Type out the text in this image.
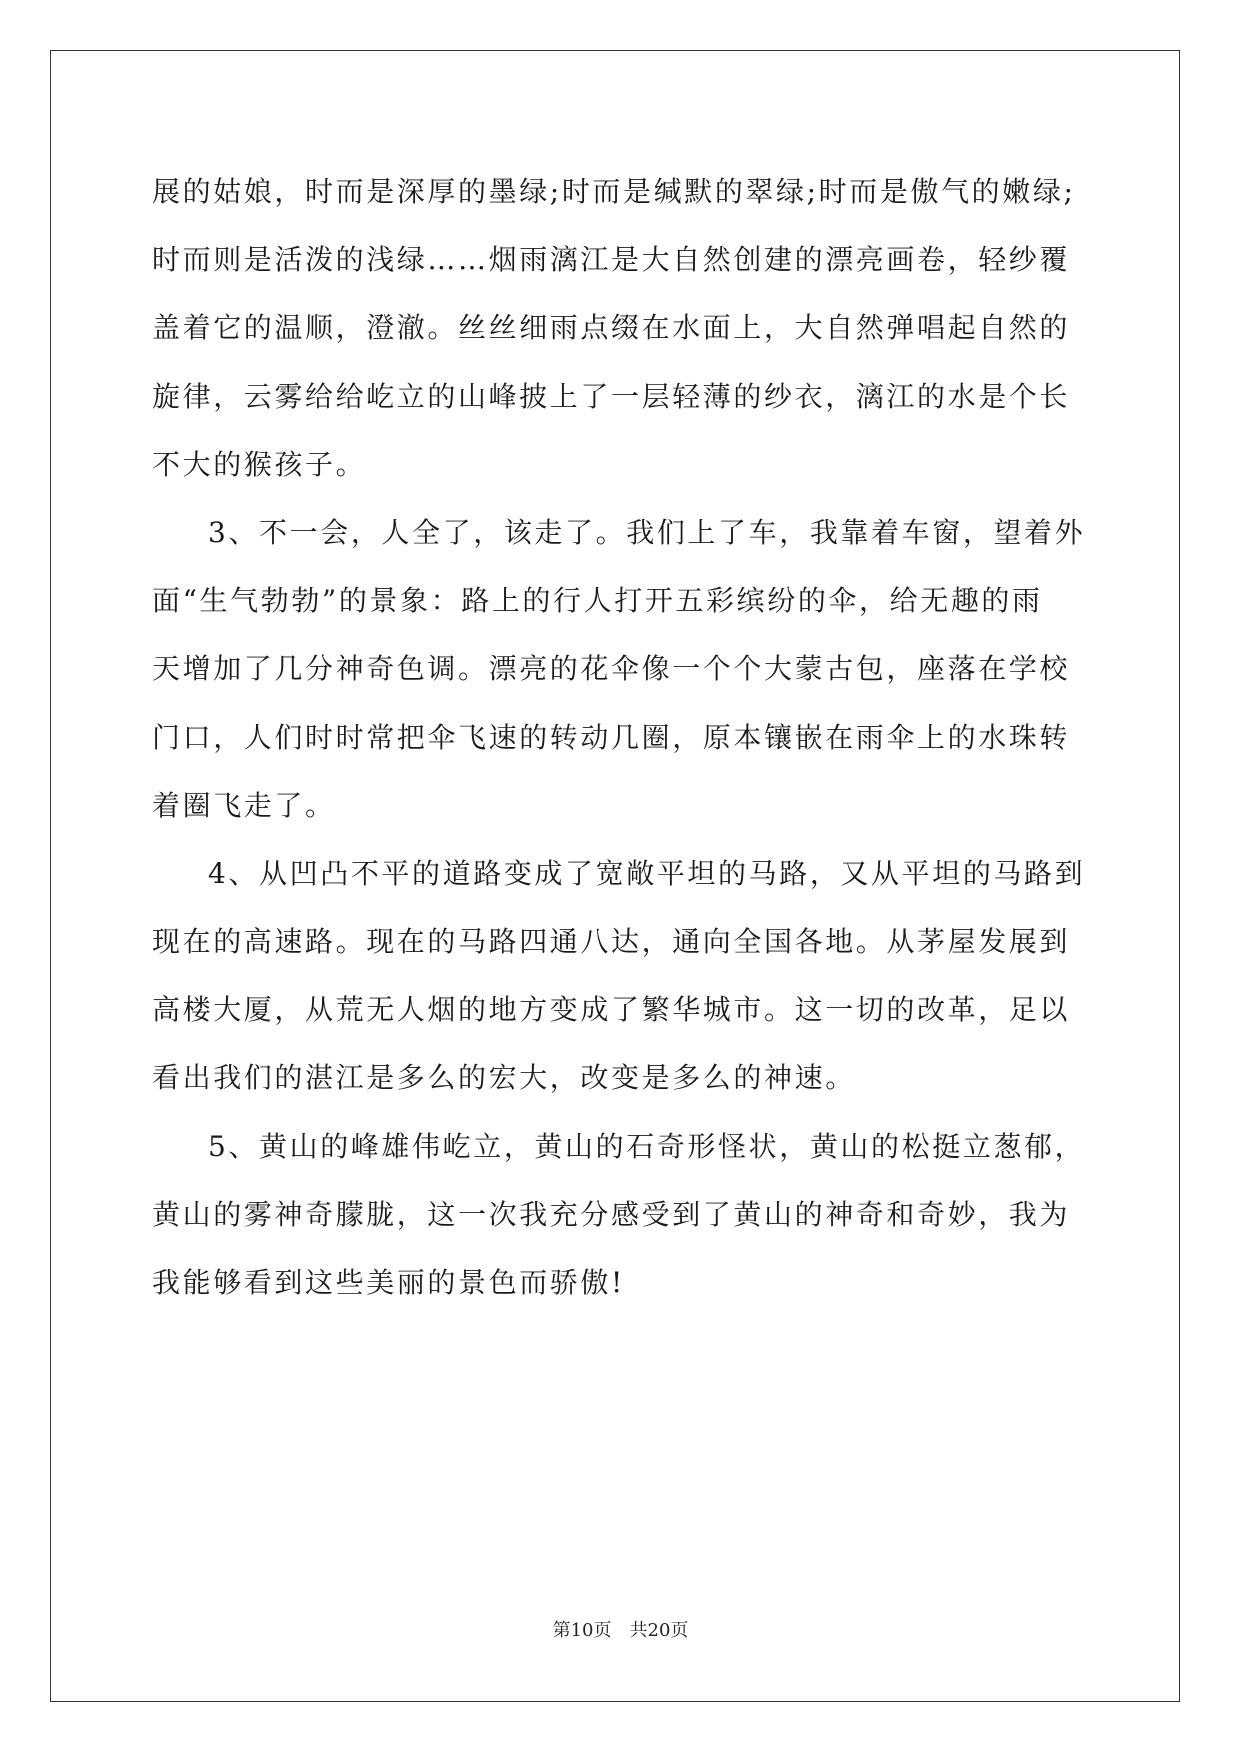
展的姑娘，时而是深厚的墨绿;时而是缄默的翠绿;时而是傲气的嫩绿;
时而则是活泼的浅绿……烟雨漓江是大自然创建的漂亮画卷，轻纱覆
盖着它的温顺，澄澈。丝丝细雨点缀在水面上，大自然弹唱起自然的
旋律，云雾给给屹立的山峰披上了一层轻薄的纱衣，漓江的水是个长
不大的猴孩子。
3、不一会，人全了，该走了。我们上了车，我靠着车窗，望着外
面“生气勃勃”的景象：路上的行人打开五彩缤纷的伞，给无趣的雨
天增加了几分神奇色调。漂亮的花伞像一个个大蒙古包，座落在学校
门口，人们时时常把伞飞速的转动几圈，原本镶嵌在雨伞上的水珠转
着圈飞走了。
4、从凹凸不平的道路变成了宽敞平坦的马路，又从平坦的马路到
现在的高速路。现在的马路四通八达，通向全国各地。从茅屋发展到
高楼大厦，从荒无人烟的地方变成了繁华城市。这一切的改革，足以
看出我们的湛江是多么的宏大，改变是多么的神速。
5、黄山的峰雄伟屹立，黄山的石奇形怪状，黄山的松挺立葱郁，
黄山的雾神奇朦胧，这一次我充分感受到了黄山的神奇和奇妙，我为
我能够看到这些美丽的景色而骄傲!
第10页 共20页
